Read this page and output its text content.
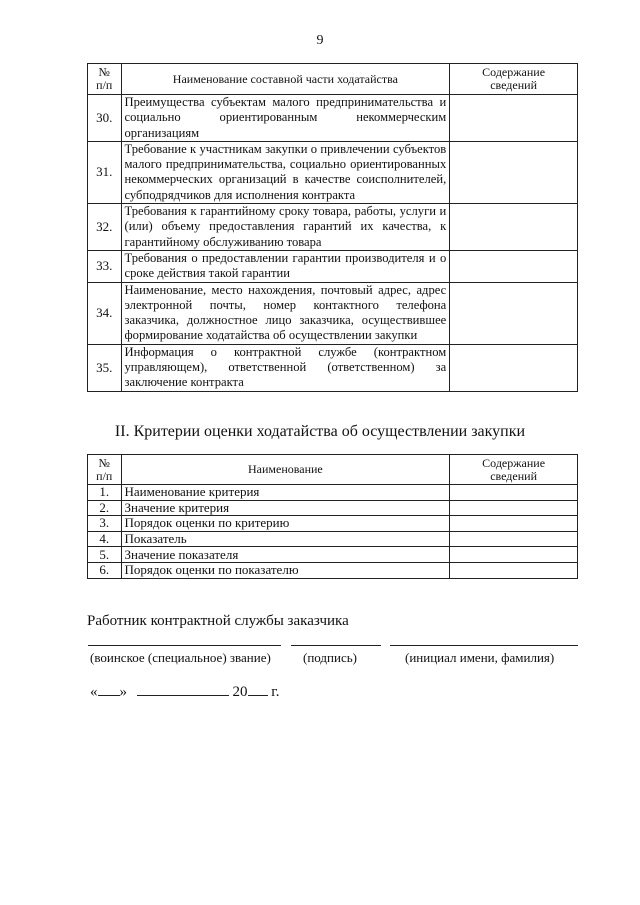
9
№
п/п	Наименование составной части ходатайства	Содержание
сведений
30.	Преимущества субъектам малого предпринимательства и социально ориентированным некоммерческим организациям	
31.	Требование к участникам закупки о привлечении субъектов малого предпринимательства, социально ориентированных некоммерческих организаций в качестве соисполнителей, субподрядчиков для исполнения контракта	
32.	Требования к гарантийному сроку товара, работы, услуги и (или) объему предоставления гарантий их качества, к гарантийному обслуживанию товара	
33.	Требования о предоставлении гарантии производителя и о сроке действия такой гарантии	
34.	Наименование, место нахождения, почтовый адрес, адрес электронной почты, номер контактного телефона заказчика, должностное лицо заказчика, осуществившее формирование ходатайства об осуществлении закупки	
35.	Информация о контрактной службе (контрактном управляющем), ответственной (ответственном) за заключение контракта	
II. Критерии оценки ходатайства об осуществлении закупки
№
п/п	Наименование	Содержание
сведений
1.	Наименование критерия	
2.	Значение критерия	
3.	Порядок оценки по критерию	
4.	Показатель	
5.	Значение показателя	
6.	Порядок оценки по показателю	
Работник контрактной службы заказчика
(воинское (специальное) звание) (подпись)	(инициал имени, фамилия)
« »	20 г.
